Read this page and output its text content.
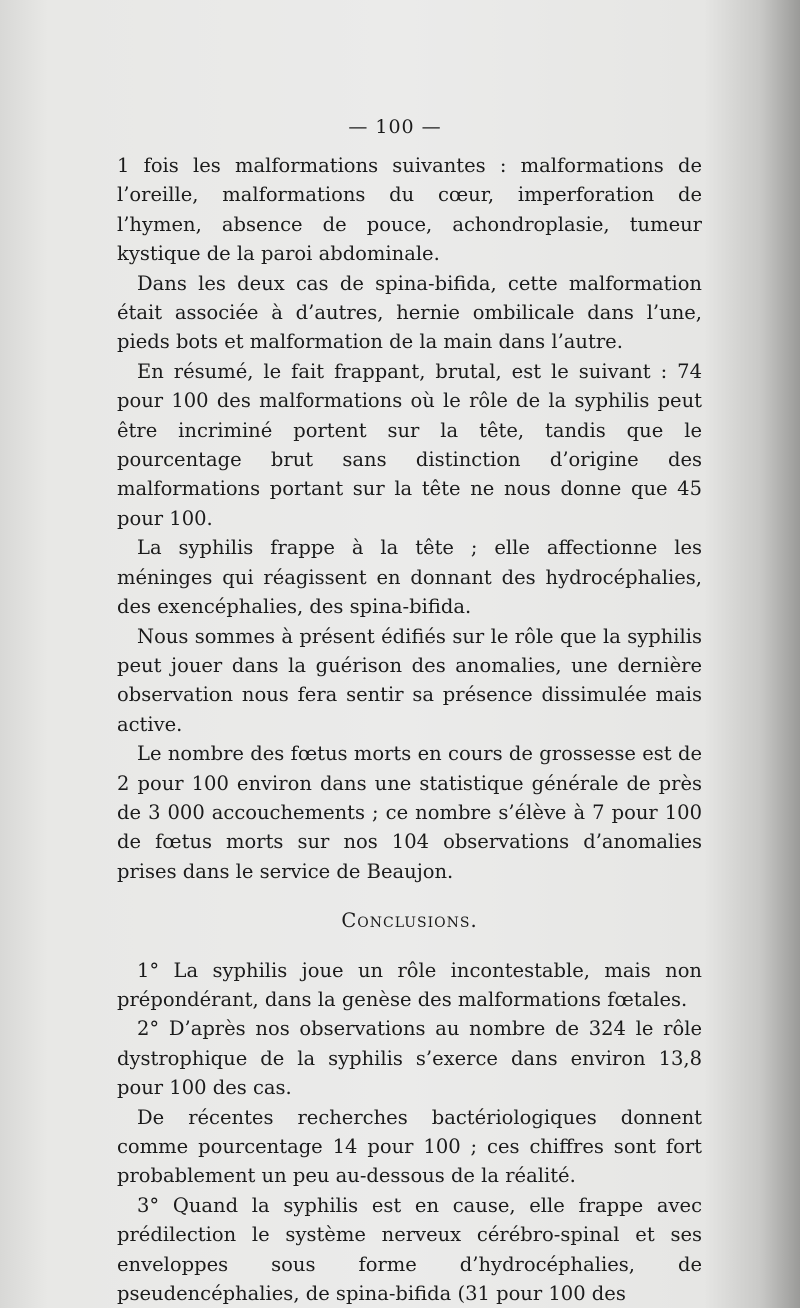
— 100 —

1 fois les malformations suivantes : malformations de l’oreille, malformations du cœur, imperforation de l’hymen, absence de pouce, achondroplasie, tumeur kystique de la paroi abdominale.

Dans les deux cas de spina-bifida, cette malformation était associée à d’autres, hernie ombilicale dans l’une, pieds bots et malformation de la main dans l’autre.

En résumé, le fait frappant, brutal, est le suivant : 74 pour 100 des malformations où le rôle de la syphilis peut être incriminé portent sur la tête, tandis que le pourcentage brut sans distinction d’origine des malformations portant sur la tête ne nous donne que 45 pour 100.

La syphilis frappe à la tête ; elle affectionne les méninges qui réagissent en donnant des hydrocéphalies, des exencéphalies, des spina-bifida.

Nous sommes à présent édifiés sur le rôle que la syphilis peut jouer dans la guérison des anomalies, une dernière observation nous fera sentir sa présence dissimulée mais active.

Le nombre des fœtus morts en cours de grossesse est de 2 pour 100 environ dans une statistique générale de près de 3 000 accouchements ; ce nombre s’élève à 7 pour 100 de fœtus morts sur nos 104 observations d’anomalies prises dans le service de Beaujon.

Conclusions.

1° La syphilis joue un rôle incontestable, mais non prépondérant, dans la genèse des malformations fœtales.

2° D’après nos observations au nombre de 324 le rôle dystrophique de la syphilis s’exerce dans environ 13,8 pour 100 des cas.

De récentes recherches bactériologiques donnent comme pourcentage 14 pour 100 ; ces chiffres sont fort probablement un peu au-dessous de la réalité.

3° Quand la syphilis est en cause, elle frappe avec prédilection le système nerveux cérébro-spinal et ses enveloppes sous forme d’hydrocéphalies, de pseudencéphalies, de spina-bifida (31 pour 100 des
